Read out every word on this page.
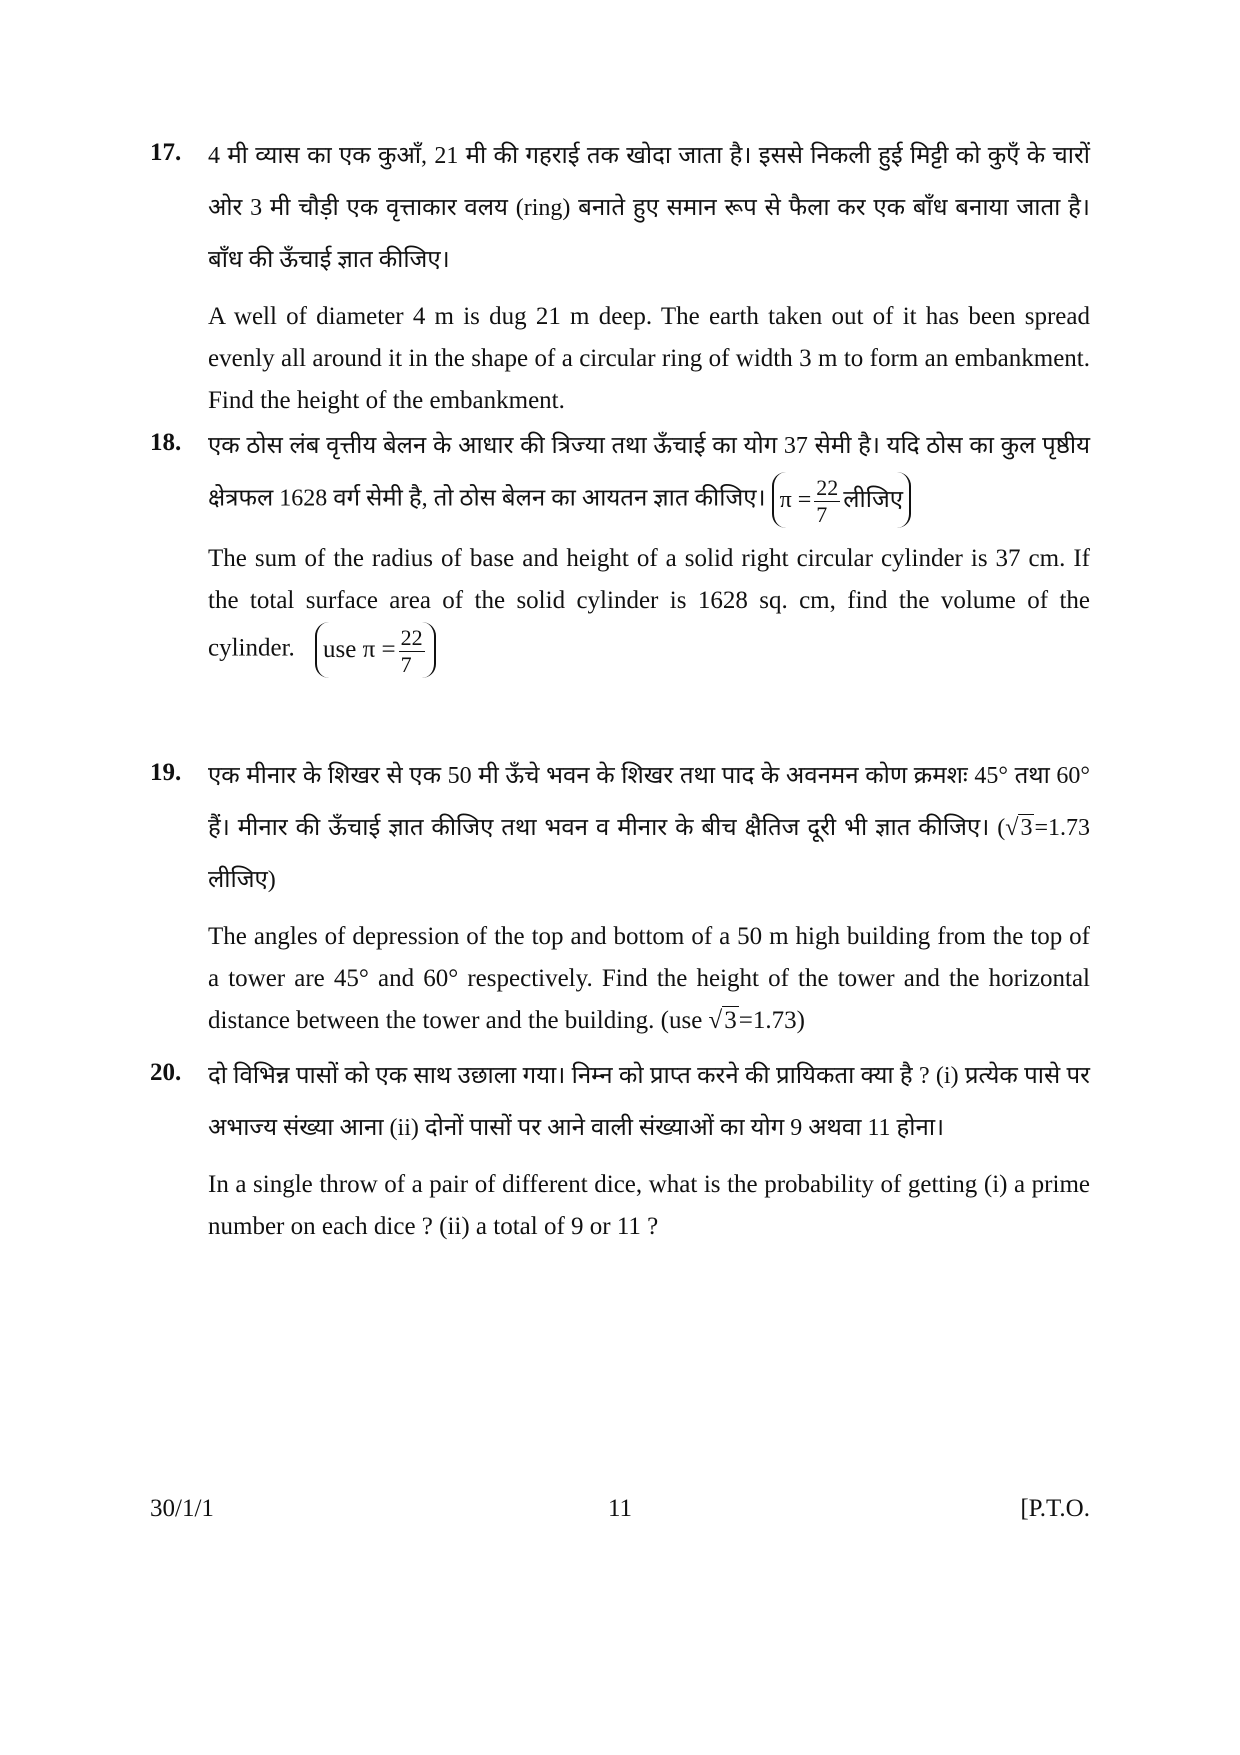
17. 4 मी व्यास का एक कुआँ, 21 मी की गहराई तक खोदा जाता है। इससे निकली हुई मिट्टी को कुएँ के चारों ओर 3 मी चौड़ी एक वृत्ताकार वलय (ring) बनाते हुए समान रूप से फैला कर एक बाँध बनाया जाता है। बाँध की ऊँचाई ज्ञात कीजिए।

A well of diameter 4 m is dug 21 m deep. The earth taken out of it has been spread evenly all around it in the shape of a circular ring of width 3 m to form an embankment. Find the height of the embankment.

18. एक ठोस लंब वृत्तीय बेलन के आधार की त्रिज्या तथा ऊँचाई का योग 37 सेमी है। यदि ठोस का कुल पृष्ठीय क्षेत्रफल 1628 वर्ग सेमी है, तो ठोस बेलन का आयतन ज्ञात कीजिए। $\pi = \frac{22}{7}$ लीजिए

The sum of the radius of base and height of a solid right circular cylinder is 37 cm. If the total surface area of the solid cylinder is 1628 sq. cm, find the volume of the cylinder. use $\pi = \frac{22}{7}$

19. एक मीनार के शिखर से एक 50 मी ऊँचे भवन के शिखर तथा पाद के अवनमन कोण क्रमशः 45° तथा 60° हैं। मीनार की ऊँचाई ज्ञात कीजिए तथा भवन व मीनार के बीच क्षैतिज दूरी भी ज्ञात कीजिए। (√3=1.73 लीजिए)

The angles of depression of the top and bottom of a 50 m high building from the top of a tower are 45° and 60° respectively. Find the height of the tower and the horizontal distance between the tower and the building. (use √3=1.73)

20. दो विभिन्न पासों को एक साथ उछाला गया। निम्न को प्राप्त करने की प्रायिकता क्या है ? (i) प्रत्येक पासे पर अभाज्य संख्या आना (ii) दोनों पासों पर आने वाली संख्याओं का योग 9 अथवा 11 होना।

In a single throw of a pair of different dice, what is the probability of getting (i) a prime number on each dice ? (ii) a total of 9 or 11 ?

30/1/1	11	[P.T.O.
